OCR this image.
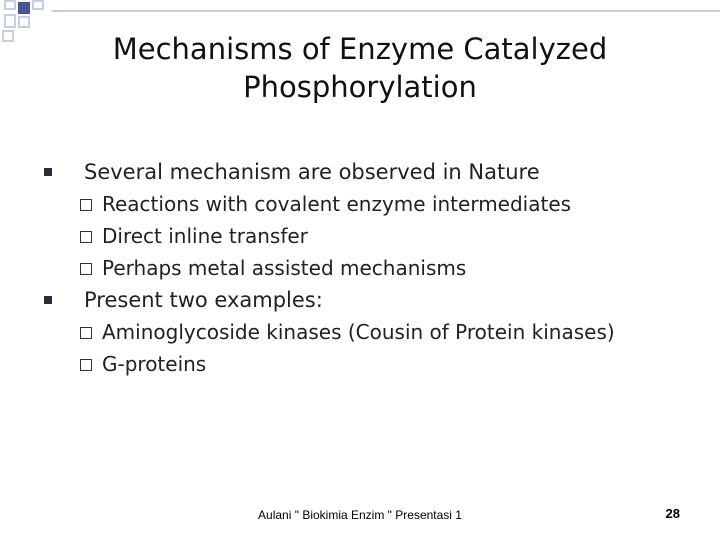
Mechanisms of Enzyme Catalyzed
Phosphorylation
Several mechanism are observed in Nature
Reactions with covalent enzyme intermediates
Direct inline transfer
Perhaps metal assisted mechanisms
Present two examples:
Aminoglycoside kinases (Cousin of Protein kinases)
G-proteins
Aulani " Biokimia Enzim " Presentasi 1	28
